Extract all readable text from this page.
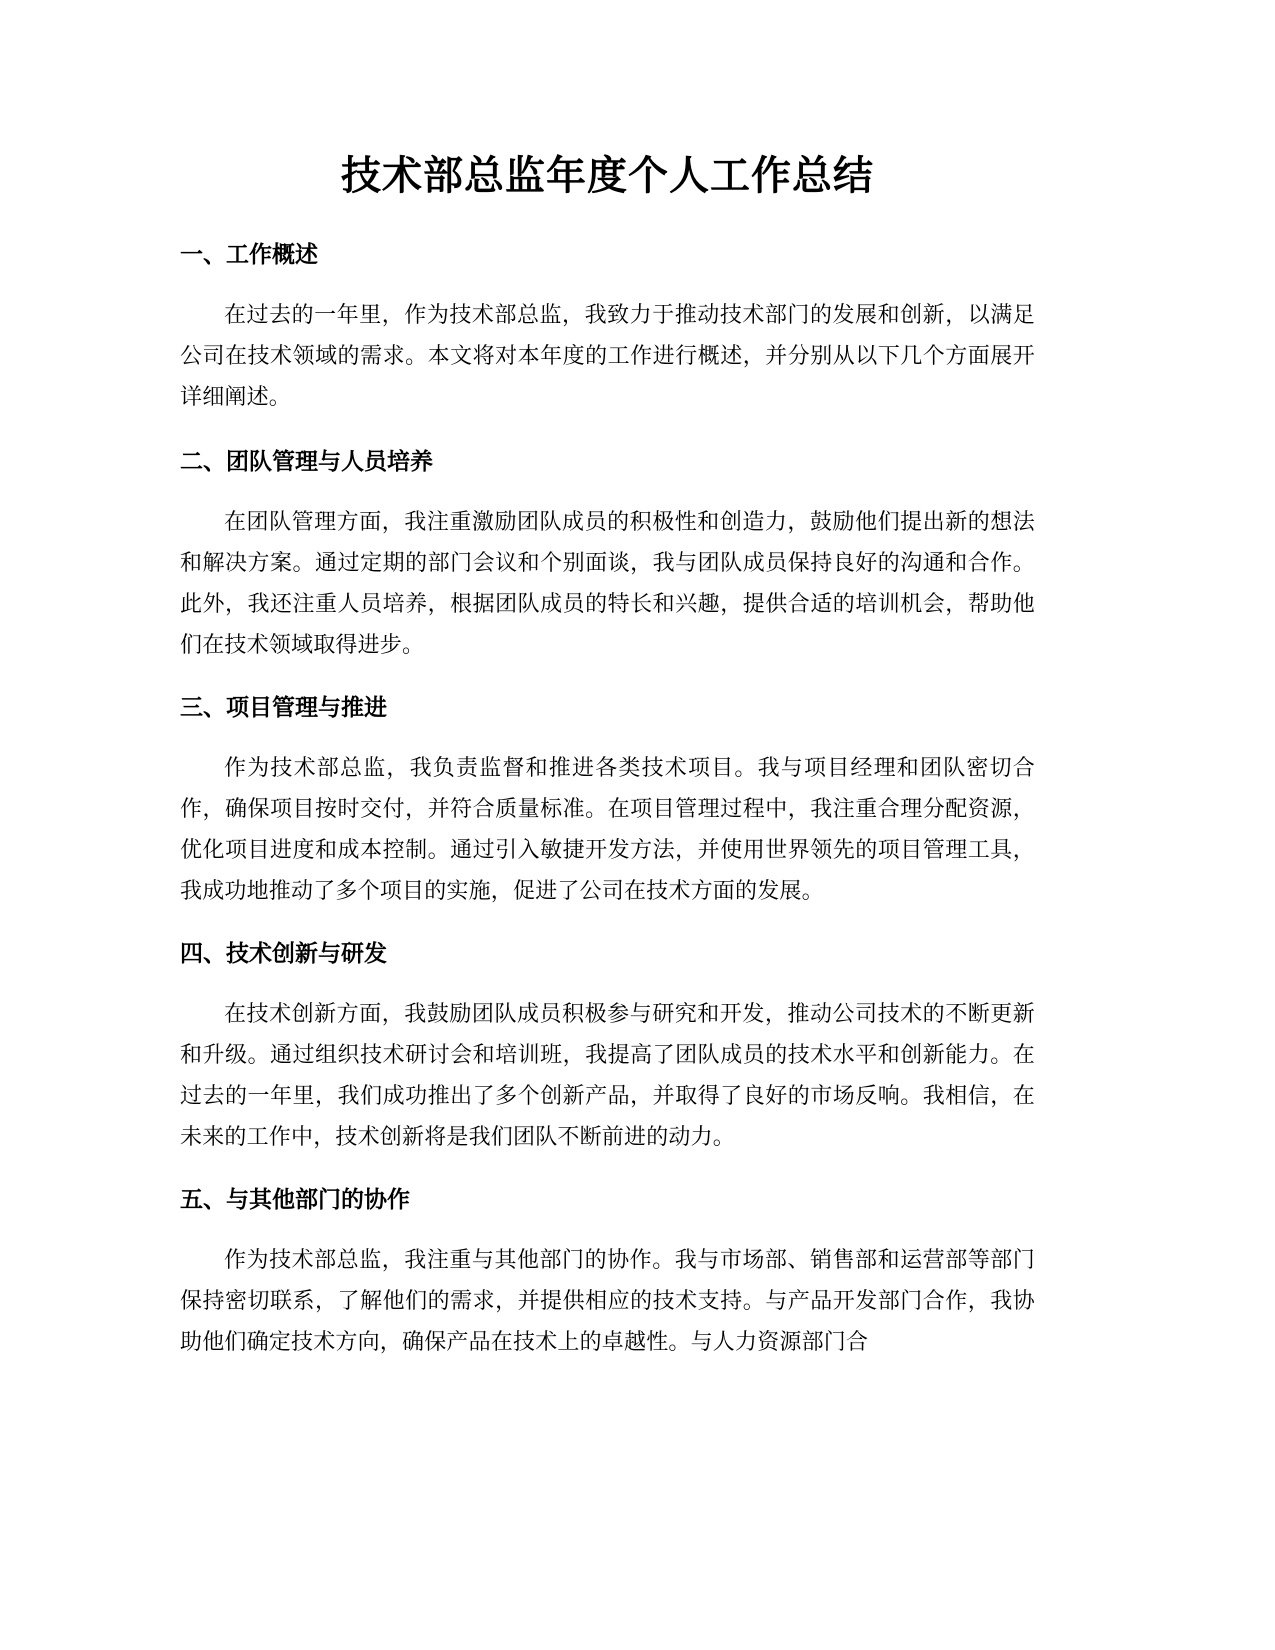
技术部总监年度个人工作总结
一、工作概述

在过去的一年里，作为技术部总监，我致力于推动技术部门的发展和创新，以满足公司在技术领域的需求。本文将对本年度的工作进行概述，并分别从以下几个方面展开详细阐述。

二、团队管理与人员培养

在团队管理方面，我注重激励团队成员的积极性和创造力，鼓励他们提出新的想法和解决方案。通过定期的部门会议和个别面谈，我与团队成员保持良好的沟通和合作。此外，我还注重人员培养，根据团队成员的特长和兴趣，提供合适的培训机会，帮助他们在技术领域取得进步。

三、项目管理与推进

作为技术部总监，我负责监督和推进各类技术项目。我与项目经理和团队密切合作，确保项目按时交付，并符合质量标准。在项目管理过程中，我注重合理分配资源，优化项目进度和成本控制。通过引入敏捷开发方法，并使用世界领先的项目管理工具，我成功地推动了多个项目的实施，促进了公司在技术方面的发展。

四、技术创新与研发

在技术创新方面，我鼓励团队成员积极参与研究和开发，推动公司技术的不断更新和升级。通过组织技术研讨会和培训班，我提高了团队成员的技术水平和创新能力。在过去的一年里，我们成功推出了多个创新产品，并取得了良好的市场反响。我相信，在未来的工作中，技术创新将是我们团队不断前进的动力。

五、与其他部门的协作

作为技术部总监，我注重与其他部门的协作。我与市场部、销售部和运营部等部门保持密切联系，了解他们的需求，并提供相应的技术支持。与产品开发部门合作，我协助他们确定技术方向，确保产品在技术上的卓越性。与人力资源部门合
